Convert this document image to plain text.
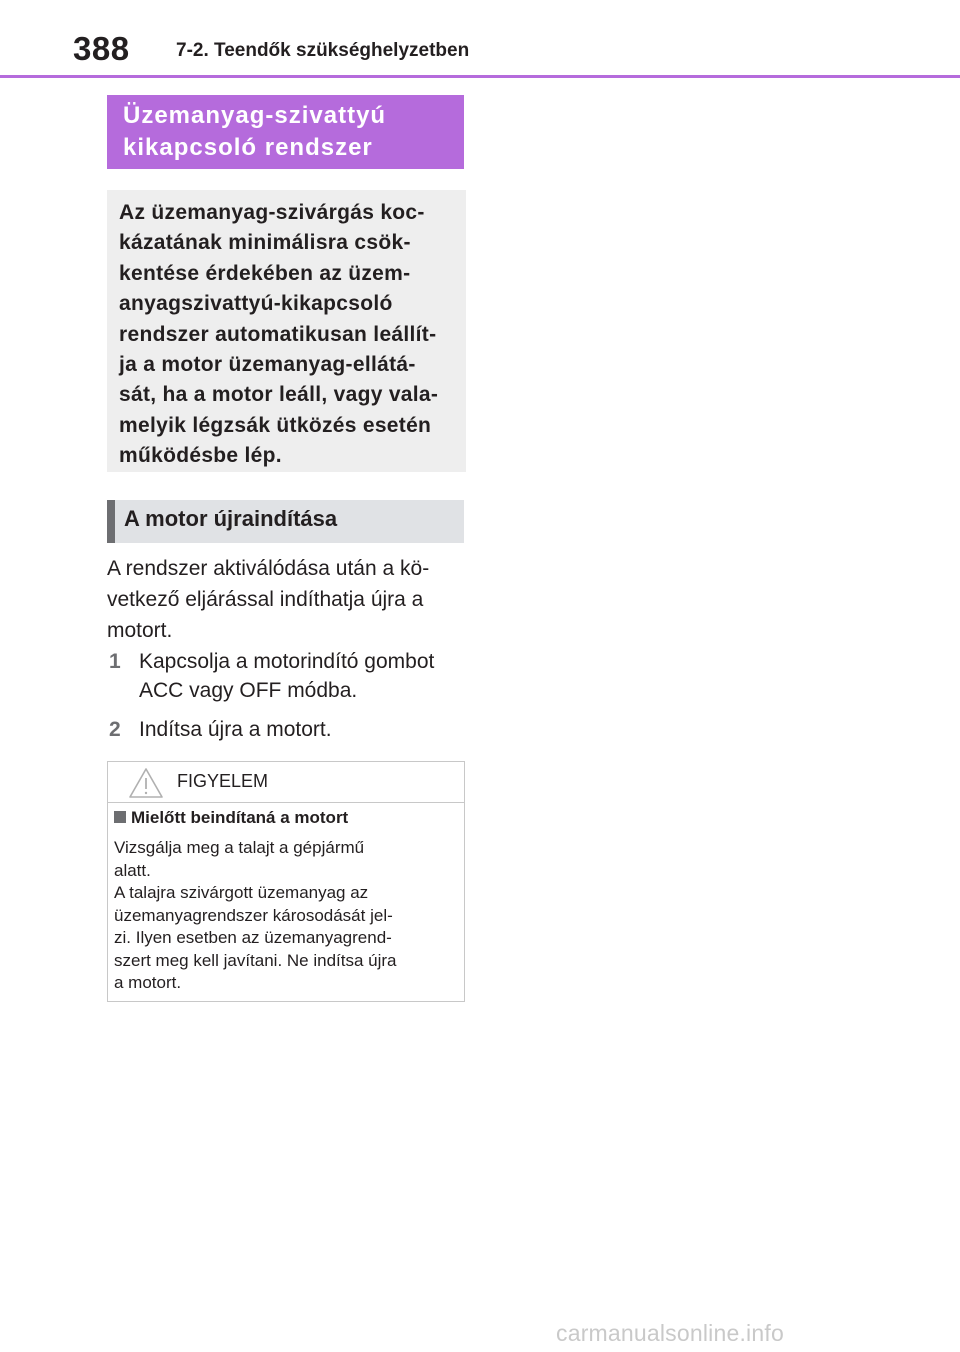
388 7-2. Teendők szükséghelyzetben
Üzemanyag-szivattyú
kikapcsoló rendszer
Az üzemanyag-szivárgás koc-
kázatának minimálisra csök-
kentése érdekében az üzem-
anyagszivattyú-kikapcsoló
rendszer automatikusan leállít-
ja a motor üzemanyag-ellátá-
sát, ha a motor leáll, vagy vala-
melyik légzsák ütközés esetén
működésbe lép.
A motor újraindítása
A rendszer aktiválódása után a kö-
vetkező eljárással indíthatja újra a
motort.
1 Kapcsolja a motorindító gombot
ACC vagy OFF módba.
2 Indítsa újra a motort.
FIGYELEM
Mielőtt beindítaná a motort
Vizsgálja meg a talajt a gépjármű
alatt.
A talajra szivárgott üzemanyag az
üzemanyagrendszer károsodását jel-
zi. Ilyen esetben az üzemanyagrend-
szert meg kell javítani. Ne indítsa újra
a motort.
carmanualsonline.info
